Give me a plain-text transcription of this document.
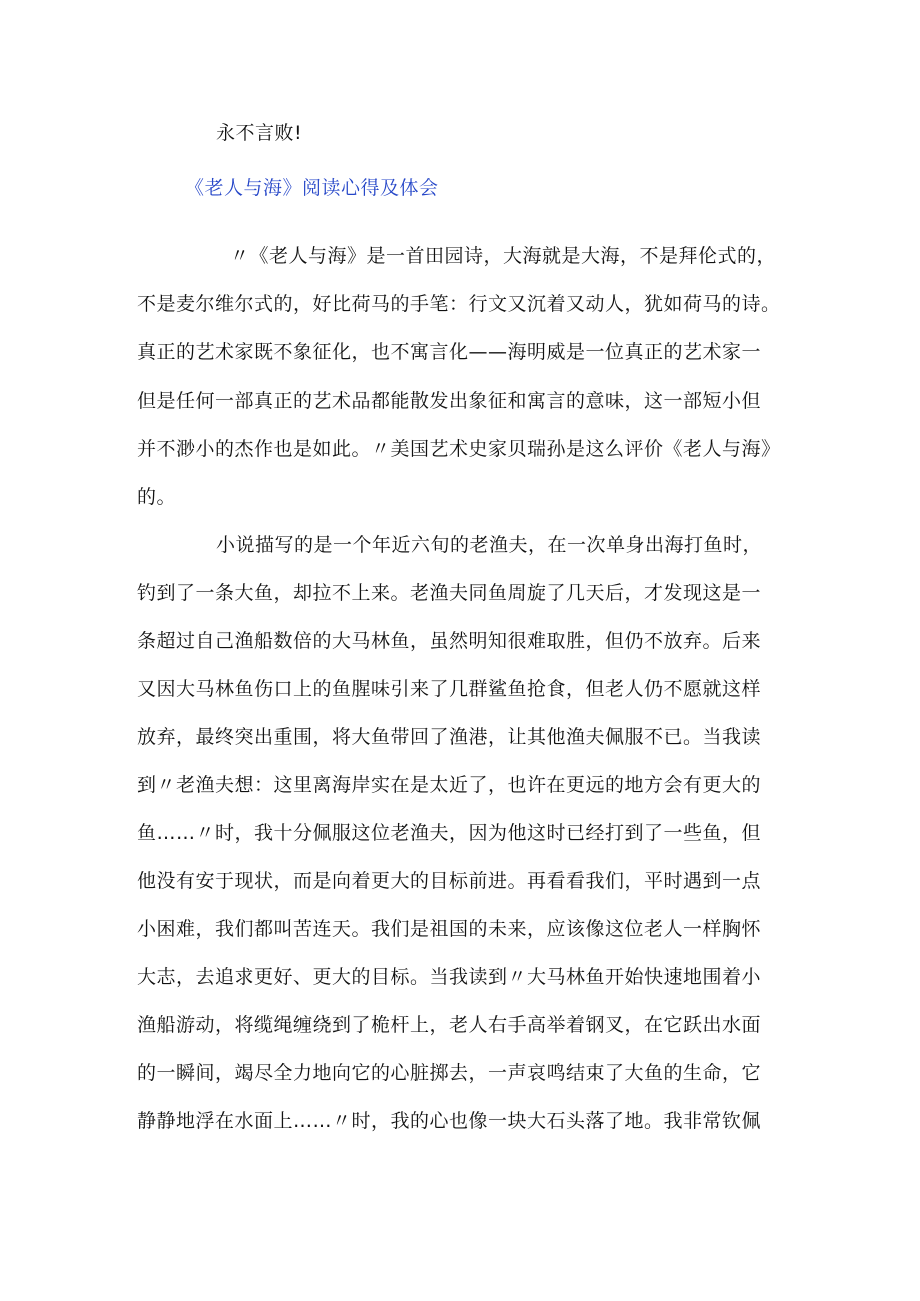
永不言败!
《老人与海》阅读心得及体会
〃《老人与海》是一首田园诗，大海就是大海，不是拜伦式的，
不是麦尔维尔式的，好比荷马的手笔：行文又沉着又动人，犹如荷马的诗。
真正的艺术家既不象征化，也不寓言化——海明威是一位真正的艺术家一
但是任何一部真正的艺术品都能散发出象征和寓言的意味，这一部短小但
并不渺小的杰作也是如此。〃美国艺术史家贝瑞孙是这么评价《老人与海》
的。
小说描写的是一个年近六旬的老渔夫，在一次单身出海打鱼时，
钓到了一条大鱼，却拉不上来。老渔夫同鱼周旋了几天后，才发现这是一
条超过自己渔船数倍的大马林鱼，虽然明知很难取胜，但仍不放弃。后来
又因大马林鱼伤口上的鱼腥味引来了几群鲨鱼抢食，但老人仍不愿就这样
放弃，最终突出重围，将大鱼带回了渔港，让其他渔夫佩服不已。当我读
到〃老渔夫想：这里离海岸实在是太近了，也许在更远的地方会有更大的
鱼……〃时，我十分佩服这位老渔夫，因为他这时已经打到了一些鱼，但
他没有安于现状，而是向着更大的目标前进。再看看我们，平时遇到一点
小困难，我们都叫苦连天。我们是祖国的未来，应该像这位老人一样胸怀
大志，去追求更好、更大的目标。当我读到〃大马林鱼开始快速地围着小
渔船游动，将缆绳缠绕到了桅杆上，老人右手高举着钢叉，在它跃出水面
的一瞬间，竭尽全力地向它的心脏掷去，一声哀鸣结束了大鱼的生命，它
静静地浮在水面上……〃时，我的心也像一块大石头落了地。我非常钦佩
